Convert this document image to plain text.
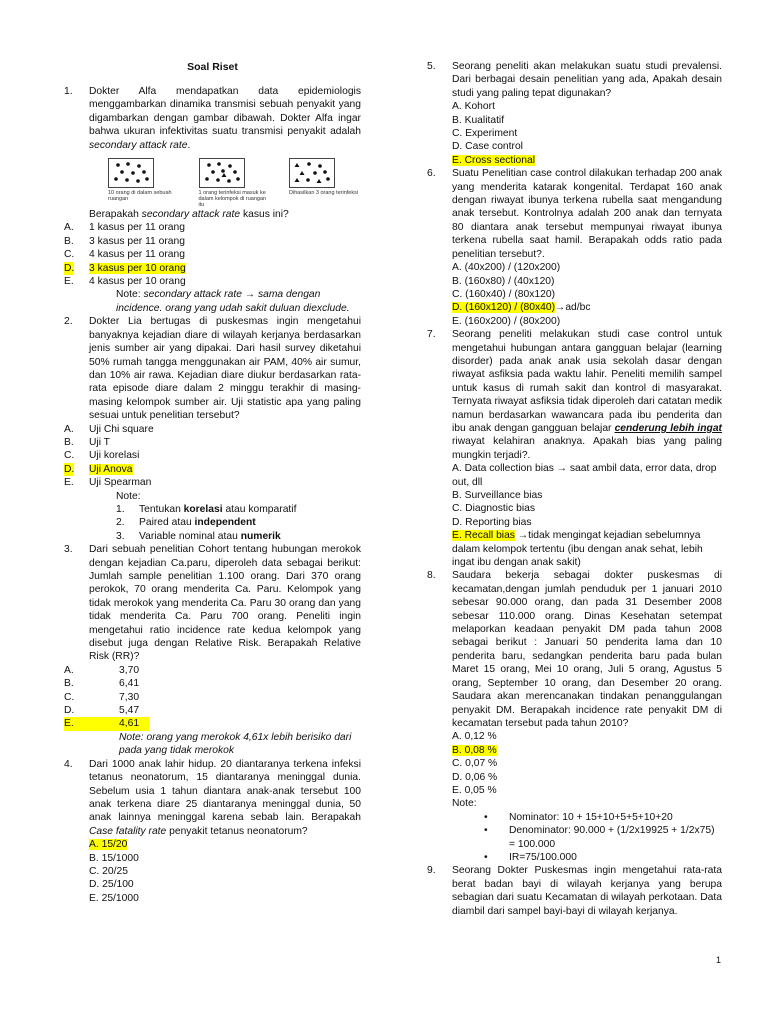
Soal Riset
1. Dokter Alfa mendapatkan data epidemiologis menggambarkan dinamika transmisi sebuah penyakit yang digambarkan dengan gambar dibawah. Dokter Alfa ingar bahwa ukuran infektivitas suatu transmisi penyakit adalah secondary attack rate.
10 orang di dalam sebuah ruangan
1 orang terinfeksi masuk ke dalam kelompok di ruangan itu
Dihasilkan 3 orang terinfeksi
Berapakah secondary attack rate kasus ini?
A. 1 kasus per 11 orang
B. 3 kasus per 11 orang
C. 4 kasus per 11 orang
D. 3 kasus per 10 orang
E. 4 kasus per 10 orang
Note: secondary attack rate → sama dengan incidence. orang yang udah sakit duluan diexclude.
2. Dokter Lia bertugas di puskesmas ingin mengetahui banyaknya kejadian diare di wilayah kerjanya berdasarkan jenis sumber air yang dipakai. Dari hasil survey diketahui 50% rumah tangga menggunakan air PAM, 40% air sumur, dan 10% air rawa. Kejadian diare diukur berdasarkan rata-rata episode diare dalam 2 minggu terakhir di masing-masing kelompok sumber air. Uji statistic apa yang paling sesuai untuk penelitian tersebut?
A. Uji Chi square
B. Uji T
C. Uji korelasi
D. Uji Anova
E. Uji Spearman
Note:
1. Tentukan korelasi atau komparatif
2. Paired atau independent
3. Variable nominal atau numerik
3. Dari sebuah penelitian Cohort tentang hubungan merokok dengan kejadian Ca.paru, diperoleh data sebagai berikut: Jumlah sample penelitian 1.100 orang. Dari 370 orang perokok, 70 orang menderita Ca. Paru. Kelompok yang tidak merokok yang menderita Ca. Paru 30 orang dan yang tidak menderita Ca. Paru 700 orang. Peneliti ingin mengetahui ratio incidence rate kedua kelompok yang disebut juga dengan Relative Risk. Berapakah Relative Risk (RR)?
A.	3,70
B.	6,41
C.	7,30
D.	5,47
E.	4,61
Note: orang yang merokok 4,61x lebih berisiko dari pada yang tidak merokok
4. Dari 1000 anak lahir hidup. 20 diantaranya terkena infeksi tetanus neonatorum, 15 diantaranya meninggal dunia. Sebelum usia 1 tahun diantara anak-anak tersebut 100 anak terkena diare 25 diantaranya meninggal dunia, 50 anak lainnya meninggal karena sebab lain. Berapakah Case fatality rate penyakit tetanus neonatorum?
A. 15/20
B. 15/1000
C. 20/25
D. 25/100
E. 25/1000
5. Seorang peneliti akan melakukan suatu studi prevalensi. Dari berbagai desain penelitian yang ada, Apakah desain studi yang paling tepat digunakan?
A. Kohort
B. Kualitatif
C. Experiment
D. Case control
E. Cross sectional
6. Suatu Penelitian case control dilakukan terhadap 200 anak yang menderita katarak kongenital. Terdapat 160 anak dengan riwayat ibunya terkena rubella saat mengandung anak tersebut. Kontrolnya adalah 200 anak dan ternyata 80 diantara anak tersebut mempunyai riwayat ibunya terkena rubella saat hamil. Berapakah odds ratio pada penelitian tersebut?.
A. (40x200) / (120x200)
B. (160x80) / (40x120)
C. (160x40) / (80x120)
D. (160x120) / (80x40)→ad/bc
E. (160x200) / (80x200)
7. Seorang peneliti melakukan studi case control untuk mengetahui hubungan antara gangguan belajar (learning disorder) pada anak anak usia sekolah dasar dengan riwayat asfiksia pada waktu lahir. Peneliti memilih sampel untuk kasus di rumah sakit dan kontrol di masyarakat. Ternyata riwayat asfiksia tidak diperoleh dari catatan medik namun berdasarkan wawancara pada ibu penderita dan ibu anak dengan gangguan belajar cenderung lebih ingat riwayat kelahiran anaknya. Apakah bias yang paling mungkin terjadi?.
A. Data collection bias → saat ambil data, error data, drop out, dll
B. Surveillance bias
C. Diagnostic bias
D. Reporting bias
E. Recall bias →tidak mengingat kejadian sebelumnya dalam kelompok tertentu (ibu dengan anak sehat, lebih ingat ibu dengan anak sakit)
8. Saudara bekerja sebagai dokter puskesmas di kecamatan,dengan jumlah penduduk per 1 januari 2010 sebesar 90.000 orang, dan pada 31 Desember 2008 sebesar 110.000 orang. Dinas Kesehatan setempat melaporkan keadaan penyakit DM pada tahun 2008 sebagai berikut : Januari 50 penderita lama dan 10 penderita baru, sedangkan penderita baru pada bulan Maret 15 orang, Mei 10 orang, Juli 5 orang, Agustus 5 orang, September 10 orang, dan Desember 20 orang. Saudara akan merencanakan tindakan penanggulangan penyakit DM. Berapakah incidence rate penyakit DM di kecamatan tersebut pada tahun 2010?
A. 0,12 %
B. 0,08 %
C. 0,07 %
D. 0,06 %
E. 0,05 %
Note:
• Nominator: 10 + 15+10+5+5+10+20
• Denominator: 90.000 + (1/2x19925 + 1/2x75) = 100.000
• IR=75/100.000
9. Seorang Dokter Puskesmas ingin mengetahui rata-rata berat badan bayi di wilayah kerjanya yang berupa sebagian dari suatu Kecamatan di wilayah perkotaan. Data diambil dari sampel bayi-bayi di wilayah kerjanya.
1
